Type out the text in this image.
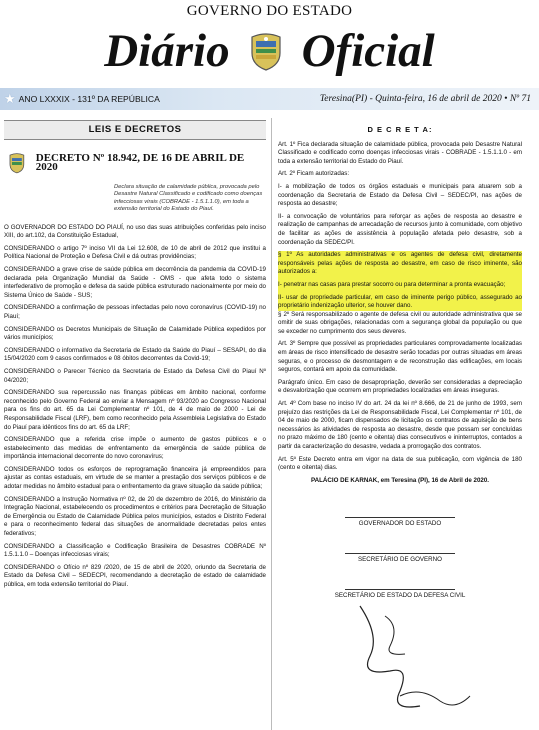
GOVERNO DO ESTADO
Diário Oficial
★ ANO LXXXIX - 131º DA REPÚBLICA	Teresina(PI) - Quinta-feira, 16 de abril de 2020 • Nº 71
LEIS E DECRETOS
DECRETO Nº 18.942, DE 16 DE ABRIL DE 2020
Declara situação de calamidade pública, provocada pelo Desastre Natural Classificado e codificado como doenças infecciosas virais (COBRADE - 1.5.1.1.0), em toda a extensão territorial do Estado do Piauí.

O GOVERNADOR DO ESTADO DO PIAUÍ, no uso das suas atribuições conferidas pelo inciso XIII, do art.102, da Constituição Estadual,

CONSIDERANDO o artigo 7º inciso VII da Lei 12.608, de 10 de abril de 2012 que institui a Política Nacional de Proteção e Defesa Civil e dá outras providências;

CONSIDERANDO a grave crise de saúde pública em decorrência da pandemia da COVID-19 declarada pela Organização Mundial da Saúde - OMS - que afeta todo o sistema interfederativo de promoção e defesa da saúde pública estruturado nacionalmente por meio do Sistema Único de Saúde - SUS;

CONSIDERANDO a confirmação de pessoas infectadas pelo novo coronavírus (COVID-19) no Piauí;

CONSIDERANDO os Decretos Municipais de Situação de Calamidade Pública expedidos por vários municípios;

CONSIDERANDO o informativo da Secretaria de Estado da Saúde do Piauí – SESAPI, do dia 15/04/2020 com 9 casos confirmados e 08 óbitos decorrentes da Covid-19;

CONSIDERANDO o Parecer Técnico da Secretaria de Estado da Defesa Civil do Piauí Nº 04/2020;

CONSIDERANDO sua repercussão nas finanças públicas em âmbito nacional, conforme reconhecido pelo Governo Federal ao enviar a Mensagem nº 93/2020 ao Congresso Nacional para os fins do art. 65 da Lei Complementar nº 101, de 4 de maio de 2000 - Lei de Responsabilidade Fiscal (LRF), bem como reconhecido pela Assembleia Legislativa do Estado do Piauí para idênticos fins do art. 65 da LRF;

CONSIDERANDO que a referida crise impõe o aumento de gastos públicos e o estabelecimento das medidas de enfrentamento da emergência de saúde pública de importância internacional decorrente do novo coronavírus;

CONSIDERANDO todos os esforços de reprogramação financeira já empreendidos para ajustar as contas estaduais, em virtude de se manter a prestação dos serviços públicos e de adotar medidas no âmbito estadual para o enfrentamento da grave situação da saúde pública;

CONSIDERANDO a Instrução Normativa nº 02, de 20 de dezembro de 2016, do Ministério da Integração Nacional, estabelecendo os procedimentos e critérios para Decretação de Situação de Emergência ou Estado de Calamidade Pública pelos municípios, estados e Distrito Federal e para o reconhecimento federal das situações de anormalidade decretadas pelos entes federativos;

CONSIDERANDO a Classificação e Codificação Brasileira de Desastres COBRADE Nº 1.5.1.1.0 – Doenças infecciosas virais;

CONSIDERANDO o Ofício nº 829 /2020, de 15 de abril de 2020, oriundo da Secretaria de Estado da Defesa Civil – SEDECPI, recomendando a decretação de estado de calamidade pública, em toda extensão territorial do Piauí.

D E C R E T A:

Art. 1º Fica declarada situação de calamidade pública, provocada pelo Desastre Natural Classificado e codificado como doenças infecciosas virais - COBRADE - 1.5.1.1.0 - em toda a extensão territorial do Estado do Piauí.

Art. 2º Ficam autorizadas:

I- a mobilização de todos os órgãos estaduais e municipais para atuarem sob a coordenação da Secretaria de Estado da Defesa Civil – SEDEC/PI, nas ações de resposta ao desastre;

II- a convocação de voluntários para reforçar as ações de resposta ao desastre e realização de campanhas de arrecadação de recursos junto à comunidade, com objetivo de facilitar as ações de assistência à população afetada pelo desastre, sob a coordenação da SEDEC/PI.

§ 1º As autoridades administrativas e os agentes de defesa civil, diretamente responsáveis pelas ações de resposta ao desastre, em caso de risco iminente, são autorizados a:

I- penetrar nas casas para prestar socorro ou para determinar a pronta evacuação;

II- usar de propriedade particular, em caso de iminente perigo público, assegurado ao proprietário indenização ulterior, se houver dano.

§ 2º Será responsabilizado o agente de defesa civil ou autoridade administrativa que se omitir de suas obrigações, relacionadas com a segurança global da população ou que se exceder no cumprimento dos seus deveres.

Art. 3º Sempre que possível as propriedades particulares comprovadamente localizadas em áreas de risco intensificado de desastre serão tocadas por outras situadas em áreas seguras, e o processo de desmontagem e de reconstrução das edificações, em locais seguros, contará em apoio da comunidade.

Parágrafo único. Em caso de desapropriação, deverão ser consideradas a depreciação e desvalorização que ocorrem em propriedades localizadas em áreas inseguras.

Art. 4º Com base no inciso IV do art. 24 da lei nº 8.666, de 21 de junho de 1993, sem prejuízo das restrições da Lei de Responsabilidade Fiscal, Lei Complementar nº 101, de 04 de maio de 2000, ficam dispensados de licitação os contratos de aquisição de bens necessários às atividades de resposta ao desastre, desde que possam ser concluídas no prazo máximo de 180 (cento e oitenta) dias consecutivos e ininterruptos, contados a partir da caracterização do desastre, vedada a prorrogação dos contratos.

Art. 5º Este Decreto entra em vigor na data de sua publicação, com vigência de 180 (cento e oitenta) dias.

PALÁCIO DE KARNAK, em Teresina (PI), 16 de Abril de 2020.

GOVERNADOR DO ESTADO
SECRETÁRIO DE GOVERNO
SECRETÁRIO DE ESTADO DA DEFESA CIVIL
